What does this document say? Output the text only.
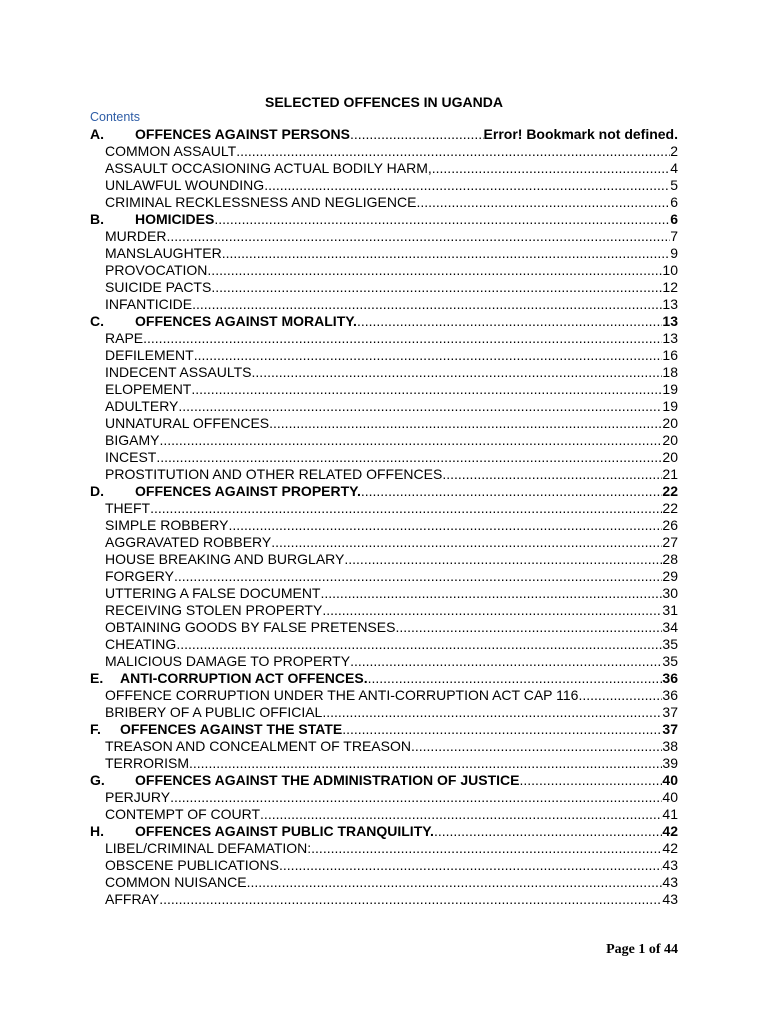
SELECTED OFFENCES IN UGANDA
Contents
A.	OFFENCES AGAINST PERSONS .....	Error! Bookmark not defined.
COMMON ASSAULT .....	2
ASSAULT OCCASIONING ACTUAL BODILY HARM, .....	4
UNLAWFUL WOUNDING .....	5
CRIMINAL RECKLESSNESS AND NEGLIGENCE .....	6
B.	HOMICIDES .....	6
MURDER .....	7
MANSLAUGHTER .....	9
PROVOCATION .....	10
SUICIDE PACTS .....	12
INFANTICIDE .....	13
C.	OFFENCES AGAINST MORALITY. .....	13
RAPE .....	13
DEFILEMENT .....	16
INDECENT ASSAULTS .....	18
ELOPEMENT .....	19
ADULTERY .....	19
UNNATURAL OFFENCES .....	20
BIGAMY .....	20
INCEST .....	20
PROSTITUTION AND OTHER RELATED OFFENCES .....	21
D.	OFFENCES AGAINST PROPERTY. .....	22
THEFT .....	22
SIMPLE ROBBERY .....	26
AGGRAVATED ROBBERY .....	27
HOUSE BREAKING AND BURGLARY .....	28
FORGERY .....	29
UTTERING A FALSE DOCUMENT .....	30
RECEIVING STOLEN PROPERTY .....	31
OBTAINING GOODS BY FALSE PRETENSES .....	34
CHEATING .....	35
MALICIOUS DAMAGE TO PROPERTY .....	35
E.	ANTI-CORRUPTION ACT OFFENCES. .....	36
OFFENCE CORRUPTION UNDER THE ANTI-CORRUPTION ACT CAP 116. .....	36
BRIBERY OF A PUBLIC OFFICIAL .....	37
F.	OFFENCES AGAINST THE STATE .....	37
TREASON AND CONCEALMENT OF TREASON .....	38
TERRORISM .....	39
G.	OFFENCES AGAINST THE ADMINISTRATION OF JUSTICE .....	40
PERJURY .....	40
CONTEMPT OF COURT .....	41
H.	OFFENCES AGAINST PUBLIC TRANQUILITY. .....	42
LIBEL/CRIMINAL DEFAMATION: .....	42
OBSCENE PUBLICATIONS .....	43
COMMON NUISANCE .....	43
AFFRAY .....	43
Page 1 of 44
